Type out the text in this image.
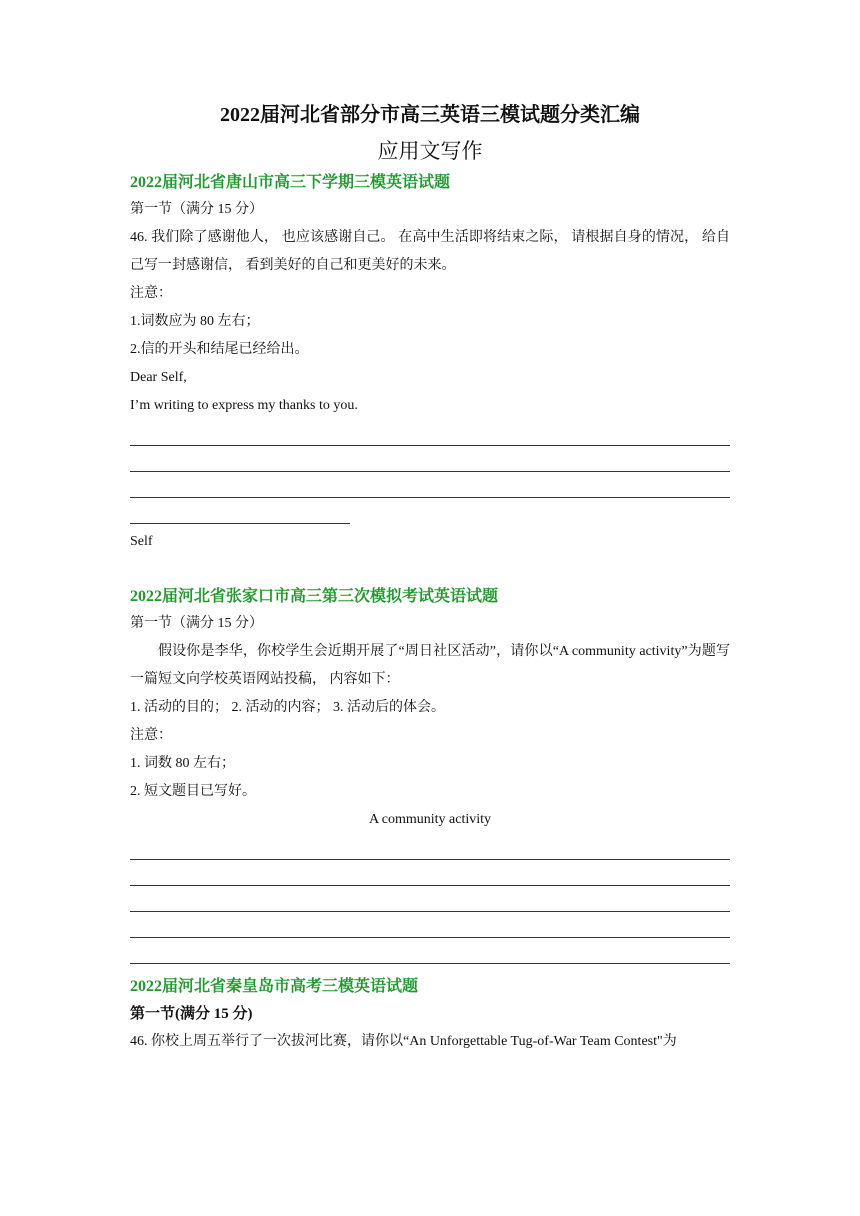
2022届河北省部分市高三英语三模试题分类汇编

应用文写作

2022届河北省唐山市高三下学期三模英语试题

第一节（满分 15 分）

46. 我们除了感谢他人， 也应该感谢自己。 在高中生活即将结束之际， 请根据自身的情况， 给自己写一封感谢信， 看到美好的自己和更美好的未来。

注意：

1.词数应为 80 左右；

2.信的开头和结尾已经给出。

Dear Self,

I’m writing to express my thanks to you.

Self

2022届河北省张家口市高三第三次模拟考试英语试题

第一节（满分 15 分）

假设你是李华，你校学生会近期开展了“周日社区活动”，请你以“A community activity”为题写一篇短文向学校英语网站投稿， 内容如下：

1. 活动的目的； 2. 活动的内容； 3. 活动后的体会。

注意：

1. 词数 80 左右；

2. 短文题目已写好。

A community activity

2022届河北省秦皇岛市高考三模英语试题

第一节(满分 15 分)

46. 你校上周五举行了一次拔河比赛，请你以“An Unforgettable Tug-of-War Team Contest"为
